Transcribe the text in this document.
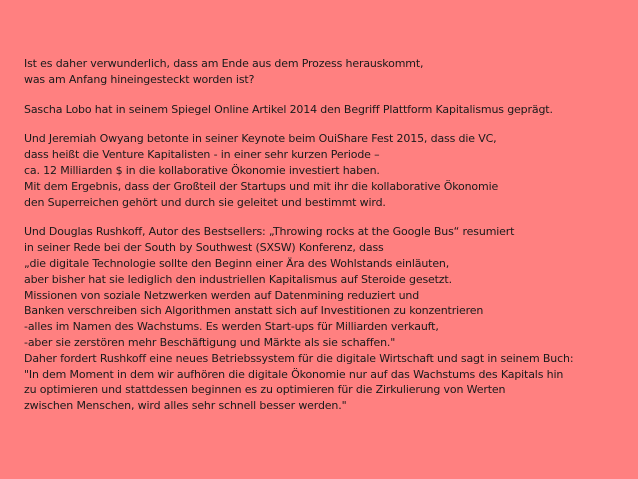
Ist es daher verwunderlich, dass am Ende aus dem Prozess herauskommt,
was am Anfang hineingesteckt worden ist?
Sascha Lobo hat in seinem Spiegel Online Artikel 2014 den Begriff Plattform Kapitalismus geprägt.
Und Jeremiah Owyang betonte in seiner Keynote beim OuiShare Fest 2015, dass die VC,
dass heißt die Venture Kapitalisten - in einer sehr kurzen Periode –
ca. 12 Milliarden $ in die kollaborative Ökonomie investiert haben.
Mit dem Ergebnis, dass der Großteil der Startups und mit ihr die kollaborative Ökonomie
den Superreichen gehört und durch sie geleitet und bestimmt wird.
Und Douglas Rushkoff, Autor des Bestsellers: „Throwing rocks at the Google Bus“ resumiert
in seiner Rede bei der South by Southwest (SXSW) Konferenz, dass
„die digitale Technologie sollte den Beginn einer Ära des Wohlstands einläuten,
aber bisher hat sie lediglich den industriellen Kapitalismus auf Steroide gesetzt.
Missionen von soziale Netzwerken werden auf Datenmining reduziert und
Banken verschreiben sich Algorithmen anstatt sich auf Investitionen zu konzentrieren
-alles im Namen des Wachstums. Es werden Start-ups für Milliarden verkauft,
-aber sie zerstören mehr Beschäftigung und Märkte als sie schaffen."
Daher fordert Rushkoff eine neues Betriebssystem für die digitale Wirtschaft und sagt in seinem Buch:
"In dem Moment in dem wir aufhören die digitale Ökonomie nur auf das Wachstums des Kapitals hin
zu optimieren und stattdessen beginnen es zu optimieren für die Zirkulierung von Werten
zwischen Menschen, wird alles sehr schnell besser werden."
